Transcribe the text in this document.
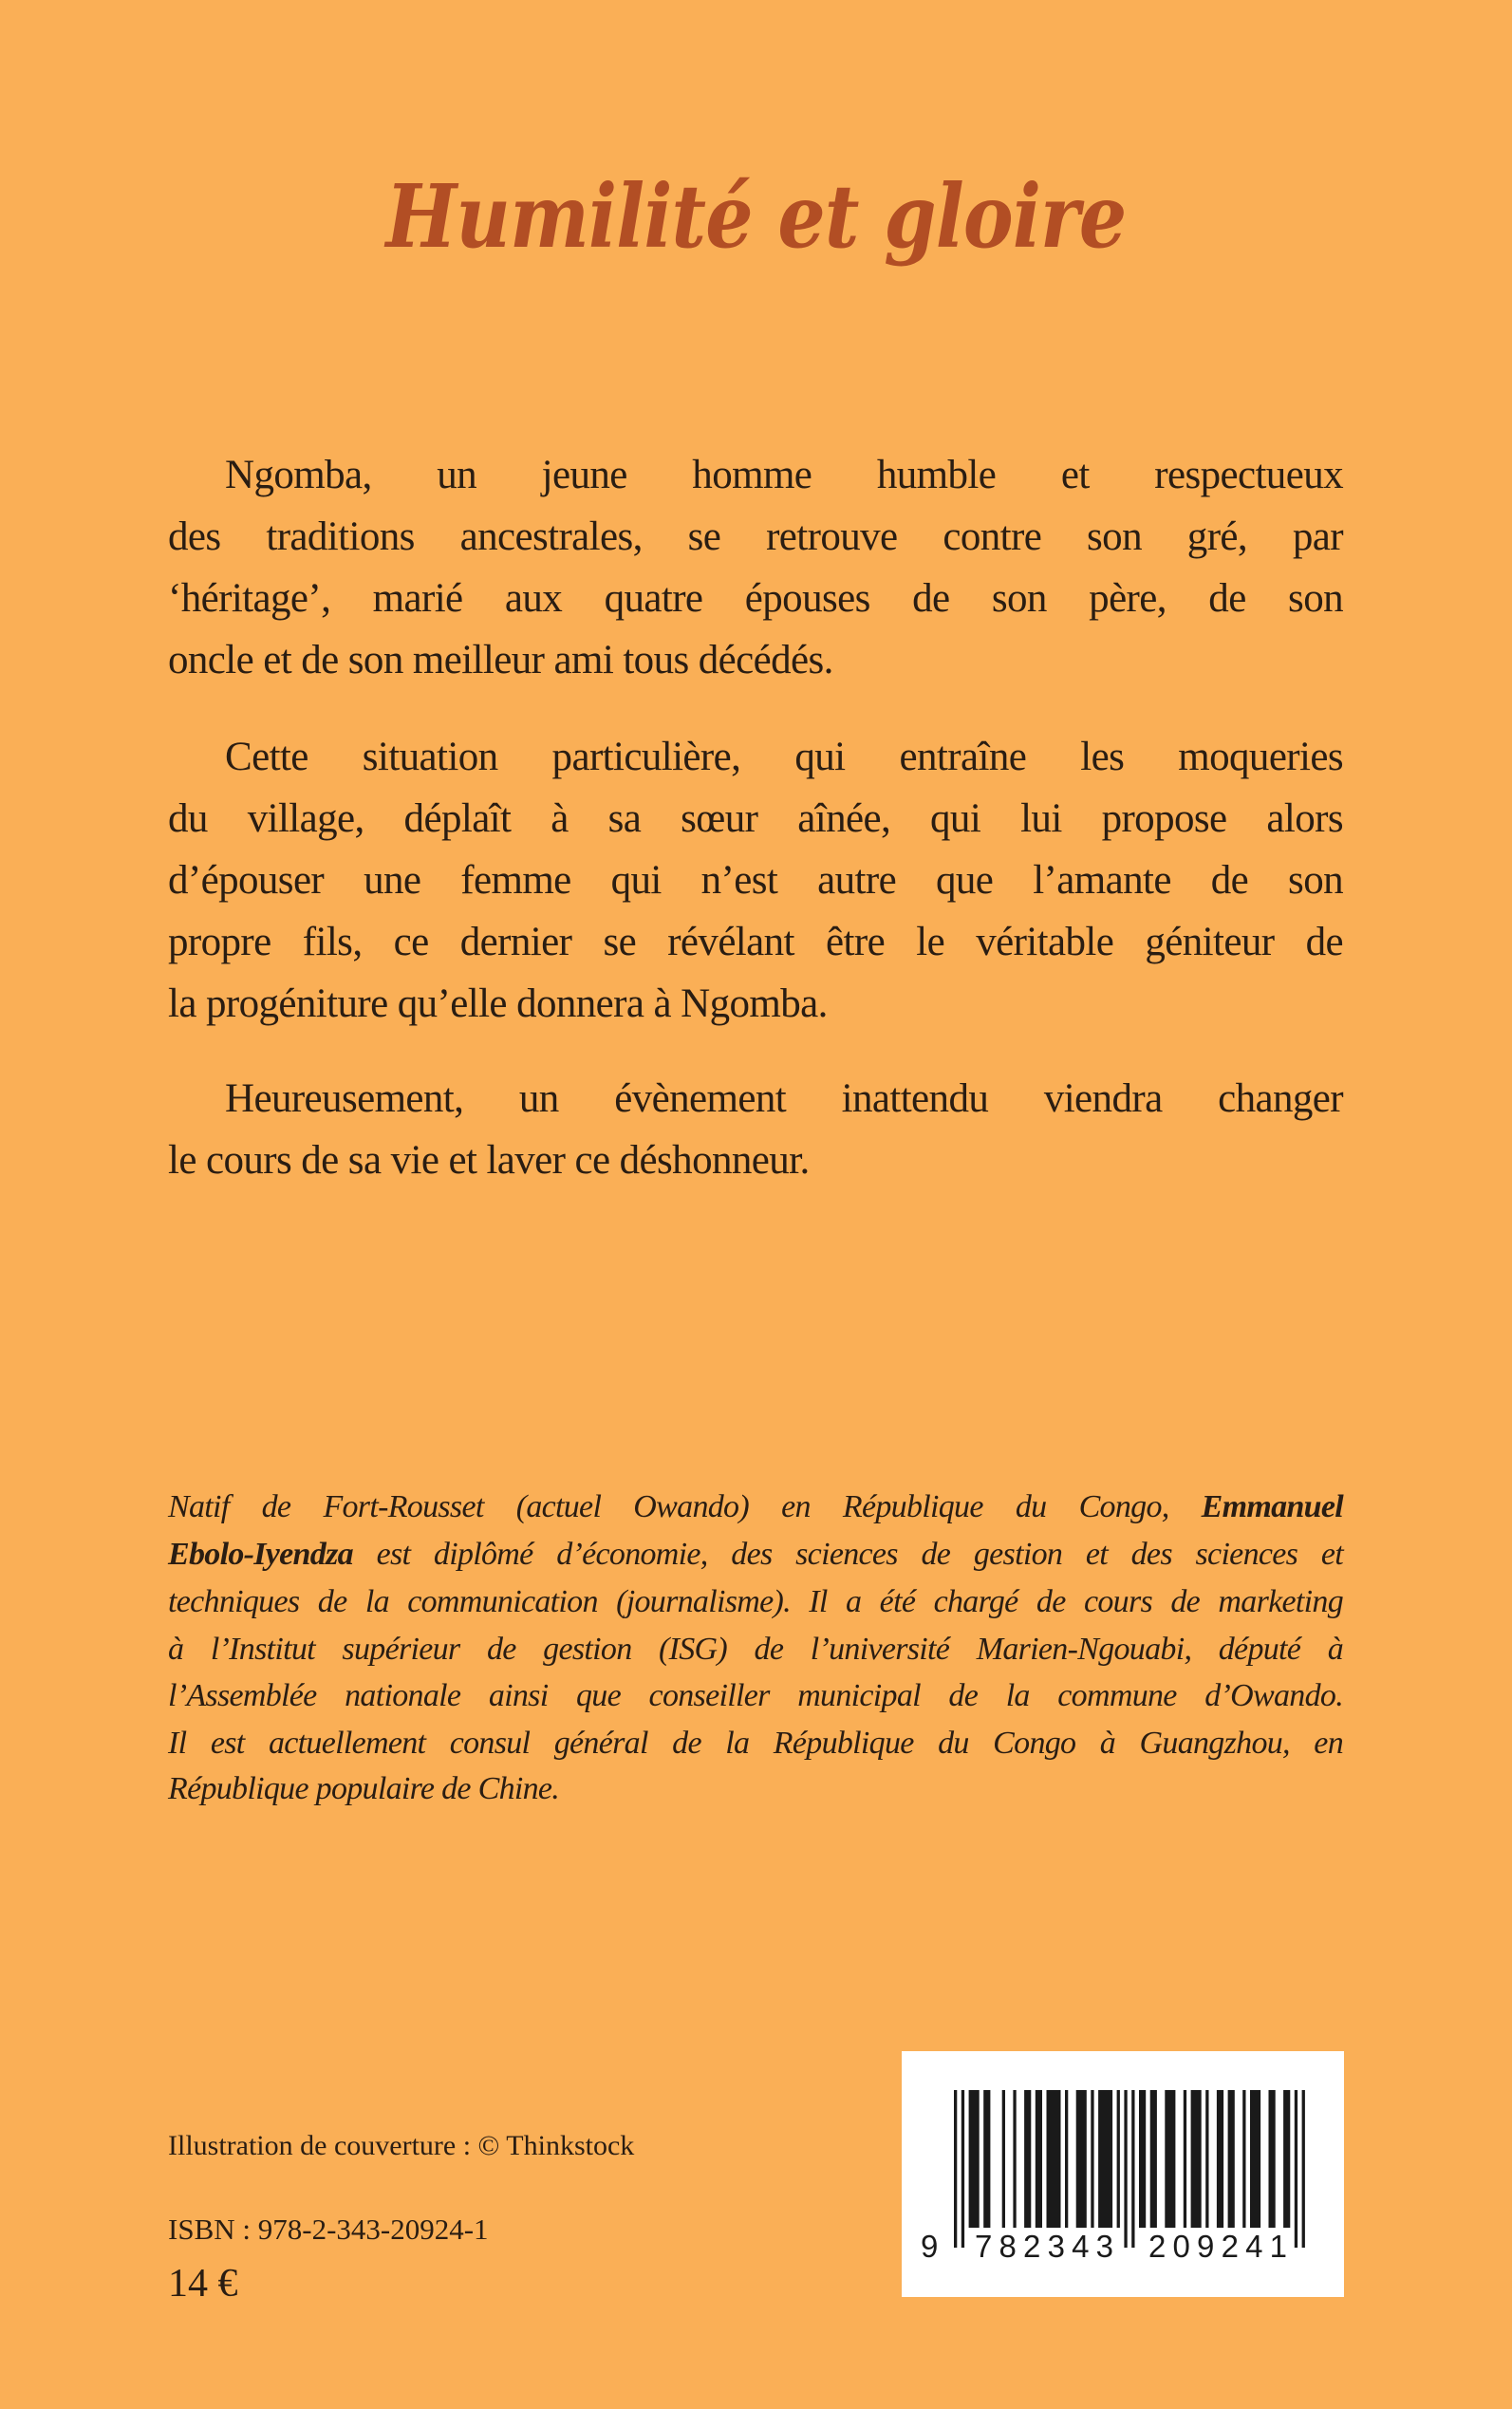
Humilité et gloire
Ngomba, un jeune homme humble et respectueux
des traditions ancestrales, se retrouve contre son gré, par
‘héritage’, marié aux quatre épouses de son père, de son
oncle et de son meilleur ami tous décédés.
Cette situation particulière, qui entraîne les moqueries
du village, déplaît à sa sœur aînée, qui lui propose alors
d’épouser une femme qui n’est autre que l’amante de son
propre fils, ce dernier se révélant être le véritable géniteur de
la progéniture qu’elle donnera à Ngomba.
Heureusement, un évènement inattendu viendra changer
le cours de sa vie et laver ce déshonneur.
Natif de Fort-Rousset (actuel Owando) en République du Congo, Emmanuel
Ebolo-Iyendza est diplômé d’économie, des sciences de gestion et des sciences et
techniques de la communication (journalisme). Il a été chargé de cours de marketing
à l’Institut supérieur de gestion (ISG) de l’université Marien-Ngouabi, député à
l’Assemblée nationale ainsi que conseiller municipal de la commune d’Owando.
Il est actuellement consul général de la République du Congo à Guangzhou, en
République populaire de Chine.
Illustration de couverture : © Thinkstock
ISBN : 978-2-343-20924-1
14 €
9 782343 209241
